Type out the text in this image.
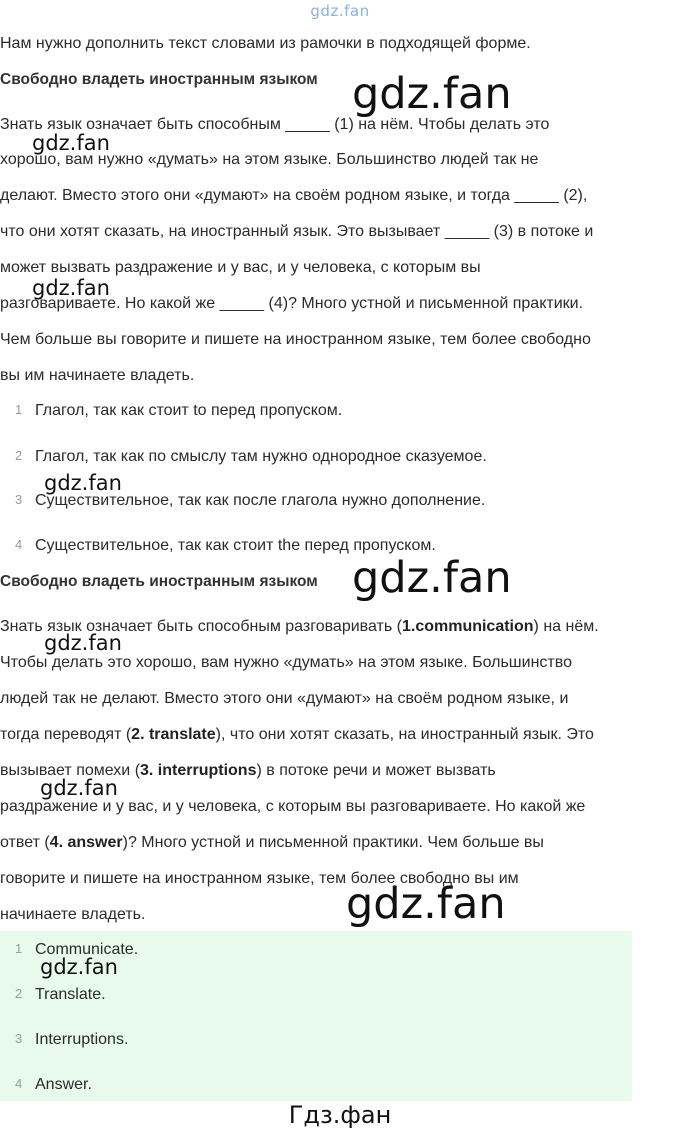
gdz.fan
Нам нужно дополнить текст словами из рамочки в подходящей форме.
Свободно владеть иностранным языком
Знать язык означает быть способным _____ (1) на нём. Чтобы делать это
хорошо, вам нужно «думать» на этом языке. Большинство людей так не
делают. Вместо этого они «думают» на своём родном языке, и тогда _____ (2),
что они хотят сказать, на иностранный язык. Это вызывает _____ (3) в потоке и
может вызвать раздражение и у вас, и у человека, с которым вы
разговариваете. Но какой же _____ (4)? Много устной и письменной практики.
Чем больше вы говорите и пишете на иностранном языке, тем более свободно
вы им начинаете владеть.
1 Глагол, так как стоит to перед пропуском.
2 Глагол, так как по смыслу там нужно однородное сказуемое.
3 Существительное, так как после глагола нужно дополнение.
4 Существительное, так как стоит the перед пропуском.
Свободно владеть иностранным языком
Знать язык означает быть способным разговаривать (1.communication) на нём.
Чтобы делать это хорошо, вам нужно «думать» на этом языке. Большинство
людей так не делают. Вместо этого они «думают» на своём родном языке, и
тогда переводят (2. translate), что они хотят сказать, на иностранный язык. Это
вызывает помехи (3. interruptions) в потоке речи и может вызвать
раздражение и у вас, и у человека, с которым вы разговариваете. Но какой же
ответ (4. answer)? Много устной и письменной практики. Чем больше вы
говорите и пишете на иностранном языке, тем более свободно вы им
начинаете владеть.
1 Communicate.
2 Translate.
3 Interruptions.
4 Answer.
gdz.fan
gdz.fan
gdz.fan
gdz.fan
gdz.fan
gdz.fan
gdz.fan
gdz.fan
gdz.fan
Гдз.фан
